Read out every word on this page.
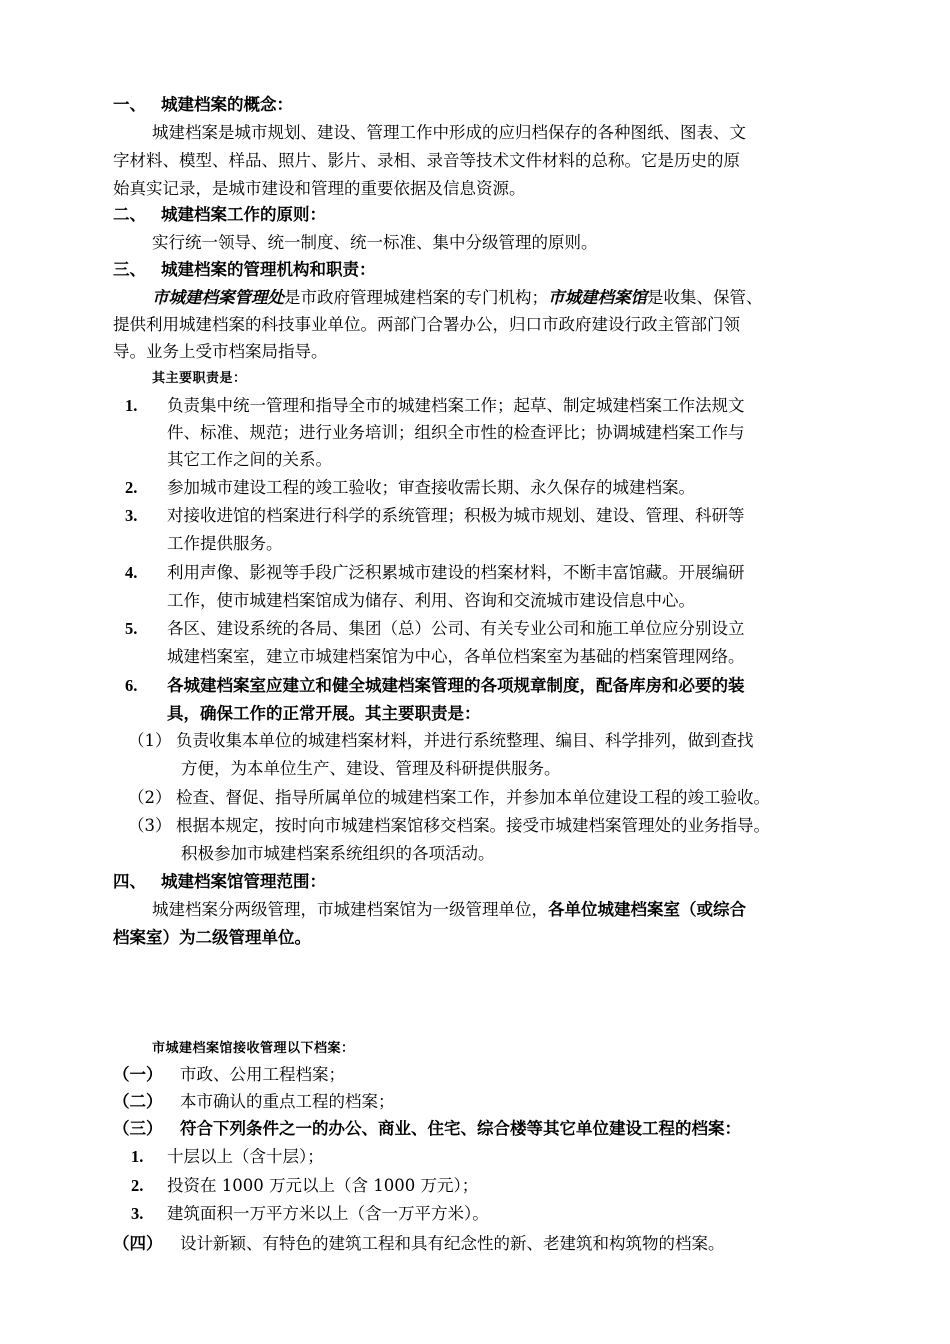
一、 城建档案的概念：
城建档案是城市规划、建设、管理工作中形成的应归档保存的各种图纸、图表、文
字材料、模型、样品、照片、影片、录相、录音等技术文件材料的总称。它是历史的原
始真实记录，是城市建设和管理的重要依据及信息资源。
二、 城建档案工作的原则：
实行统一领导、统一制度、统一标准、集中分级管理的原则。
三、 城建档案的管理机构和职责：
市城建档案管理处是市政府管理城建档案的专门机构；市城建档案馆是收集、保管、
提供利用城建档案的科技事业单位。两部门合署办公，归口市政府建设行政主管部门领
导。业务上受市档案局指导。
其主要职责是：
1. 负责集中统一管理和指导全市的城建档案工作；起草、制定城建档案工作法规文
件、标准、规范；进行业务培训；组织全市性的检查评比；协调城建档案工作与
其它工作之间的关系。
2. 参加城市建设工程的竣工验收；审查接收需长期、永久保存的城建档案。
3. 对接收进馆的档案进行科学的系统管理；积极为城市规划、建设、管理、科研等
工作提供服务。
4. 利用声像、影视等手段广泛积累城市建设的档案材料，不断丰富馆藏。开展编研
工作，使市城建档案馆成为储存、利用、咨询和交流城市建设信息中心。
5. 各区、建设系统的各局、集团（总）公司、有关专业公司和施工单位应分别设立
城建档案室，建立市城建档案馆为中心，各单位档案室为基础的档案管理网络。
6. 各城建档案室应建立和健全城建档案管理的各项规章制度，配备库房和必要的装
具，确保工作的正常开展。其主要职责是：
（1） 负责收集本单位的城建档案材料，并进行系统整理、编目、科学排列，做到查找
方便，为本单位生产、建设、管理及科研提供服务。
（2） 检查、督促、指导所属单位的城建档案工作，并参加本单位建设工程的竣工验收。
（3） 根据本规定，按时向市城建档案馆移交档案。接受市城建档案管理处的业务指导。
积极参加市城建档案系统组织的各项活动。
四、 城建档案馆管理范围：
城建档案分两级管理，市城建档案馆为一级管理单位，各单位城建档案室（或综合
档案室）为二级管理单位。
市城建档案馆接收管理以下档案：
（一） 市政、公用工程档案；
（二） 本市确认的重点工程的档案；
（三） 符合下列条件之一的办公、商业、住宅、综合楼等其它单位建设工程的档案：
1. 十层以上（含十层）；
2. 投资在 1000 万元以上（含 1000 万元）；
3. 建筑面积一万平方米以上（含一万平方米）。
（四） 设计新颖、有特色的建筑工程和具有纪念性的新、老建筑和构筑物的档案。
